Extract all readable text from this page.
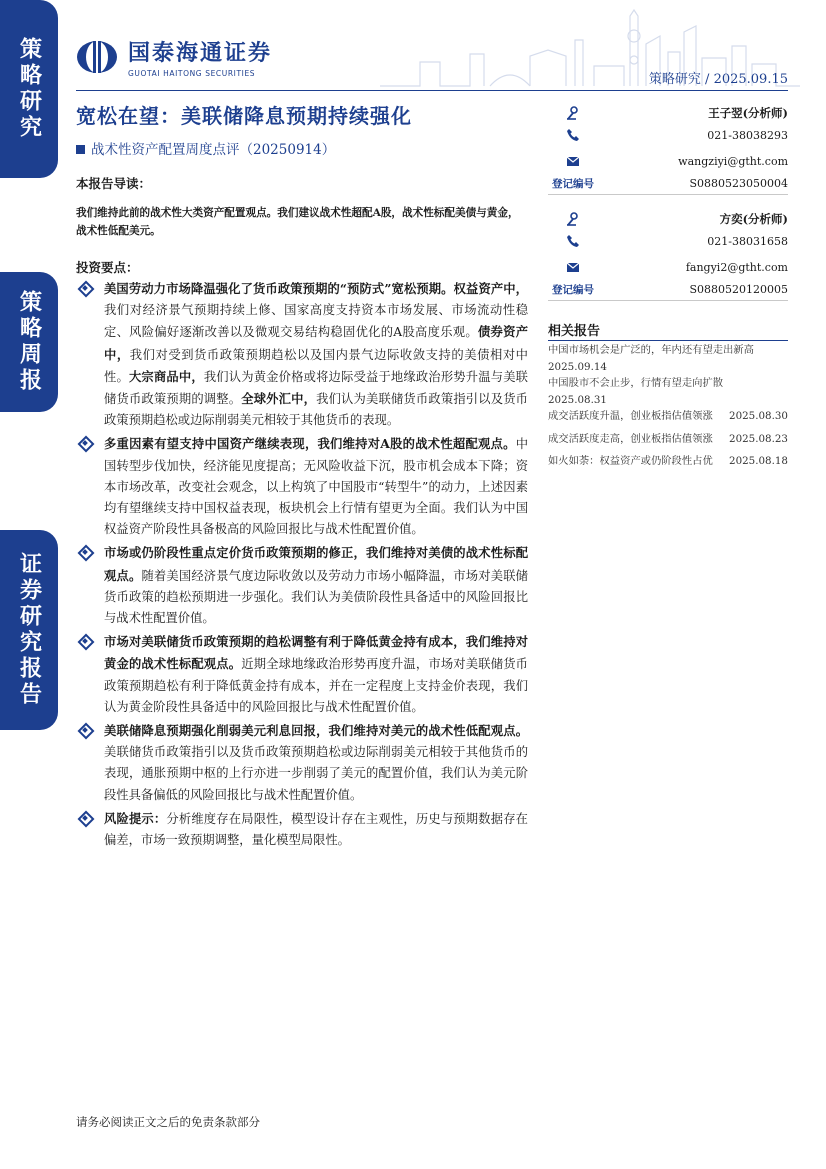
策略研究
策略周报
证券研究报告
国泰海通证券
GUOTAI HAITONG SECURITIES	策略研究 / 2025.09.15
宽松在望：美联储降息预期持续强化
战术性资产配置周度点评（20250914）
本报告导读：
我们维持此前的战术性大类资产配置观点。我们建议战术性超配A股，战术性标配美债与黄金，战术性低配美元。
投资要点：
美国劳动力市场降温强化了货币政策预期的“预防式”宽松预期。权益资产中，我们对经济景气预期持续上修、国家高度支持资本市场发展、市场流动性稳定、风险偏好逐渐改善以及微观交易结构稳固优化的A股高度乐观。债券资产中，我们对受到货币政策预期趋松以及国内景气边际收敛支持的美债相对中性。大宗商品中，我们认为黄金价格或将边际受益于地缘政治形势升温与美联储货币政策预期的调整。全球外汇中，我们认为美联储货币政策指引以及货币政策预期趋松或边际削弱美元相较于其他货币的表现。
多重因素有望支持中国资产继续表现，我们维持对A股的战术性超配观点。中国转型步伐加快，经济能见度提高；无风险收益下沉，股市机会成本下降；资本市场改革，改变社会观念，以上构筑了中国股市“转型牛”的动力，上述因素均有望继续支持中国权益表现，板块机会上行情有望更为全面。我们认为中国权益资产阶段性具备极高的风险回报比与战术性配置价值。
市场或仍阶段性重点定价货币政策预期的修正，我们维持对美债的战术性标配观点。随着美国经济景气度边际收敛以及劳动力市场小幅降温，市场对美联储货币政策的趋松预期进一步强化。我们认为美债阶段性具备适中的风险回报比与战术性配置价值。
市场对美联储货币政策预期的趋松调整有利于降低黄金持有成本，我们维持对黄金的战术性标配观点。近期全球地缘政治形势再度升温，市场对美联储货币政策预期趋松有利于降低黄金持有成本，并在一定程度上支持金价表现，我们认为黄金阶段性具备适中的风险回报比与战术性配置价值。
美联储降息预期强化削弱美元利息回报，我们维持对美元的战术性低配观点。美联储货币政策指引以及货币政策预期趋松或边际削弱美元相较于其他货币的表现，通胀预期中枢的上行亦进一步削弱了美元的配置价值，我们认为美元阶段性具备偏低的风险回报比与战术性配置价值。
风险提示：分析维度存在局限性，模型设计存在主观性，历史与预期数据存在偏差，市场一致预期调整，量化模型局限性。
王子翌(分析师)
021-38038293
wangziyi@gtht.com
登记编号	S0880523050004
方奕(分析师)
021-38031658
fangyi2@gtht.com
登记编号	S0880520120005
相关报告
中国市场机会是广泛的，年内还有望走出新高
2025.09.14
中国股市不会止步，行情有望走向扩散
2025.08.31
成交活跃度升温，创业板指估值领涨 2025.08.30
成交活跃度走高，创业板指估值领涨 2025.08.23
如火如荼：权益资产或仍阶段性占优 2025.08.18
请务必阅读正文之后的免责条款部分
